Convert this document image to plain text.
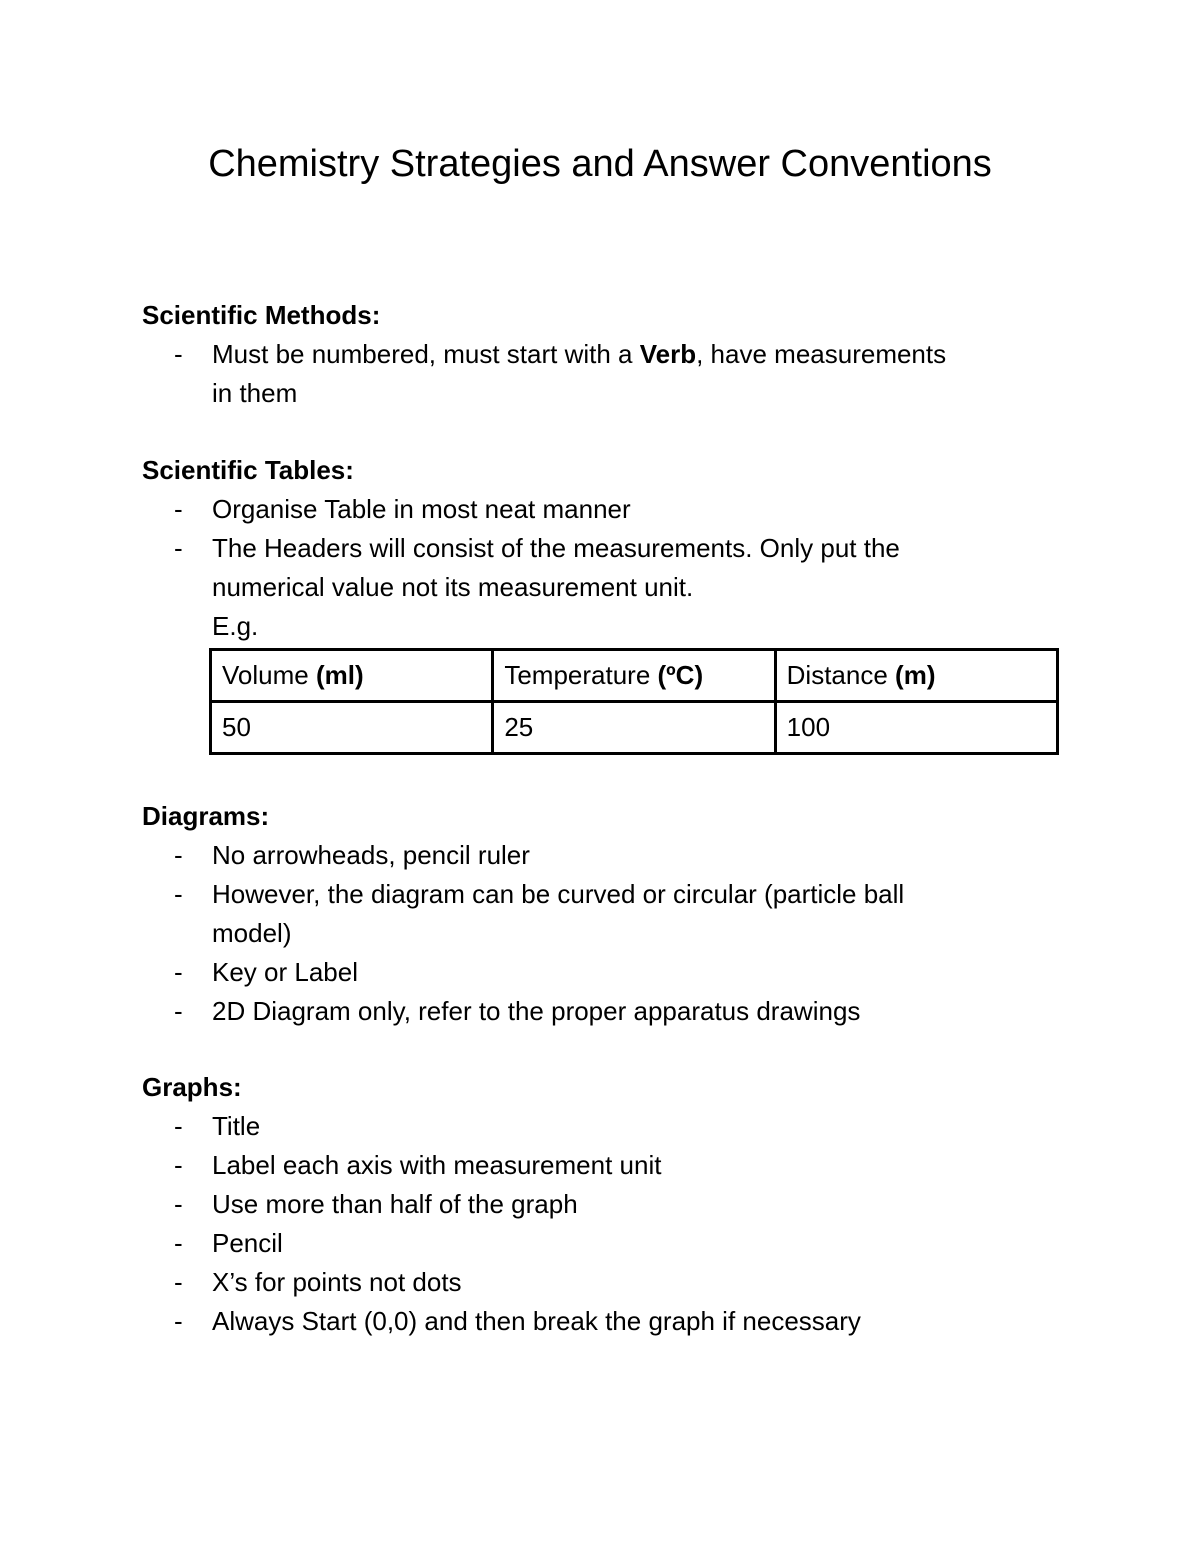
Chemistry Strategies and Answer Conventions

Scientific Methods:

- Must be numbered, must start with a Verb, have measurements
in them

Scientific Tables:

- Organise Table in most neat manner
- The Headers will consist of the measurements. Only put the
numerical value not its measurement unit.
E.g.
Volume (ml)	Temperature (ºC)	Distance (m)
50	25	100

Diagrams:

- No arrowheads, pencil ruler
- However, the diagram can be curved or circular (particle ball
model)
- Key or Label
- 2D Diagram only, refer to the proper apparatus drawings

Graphs:

- Title
- Label each axis with measurement unit
- Use more than half of the graph
- Pencil
- X’s for points not dots
- Always Start (0,0) and then break the graph if necessary
